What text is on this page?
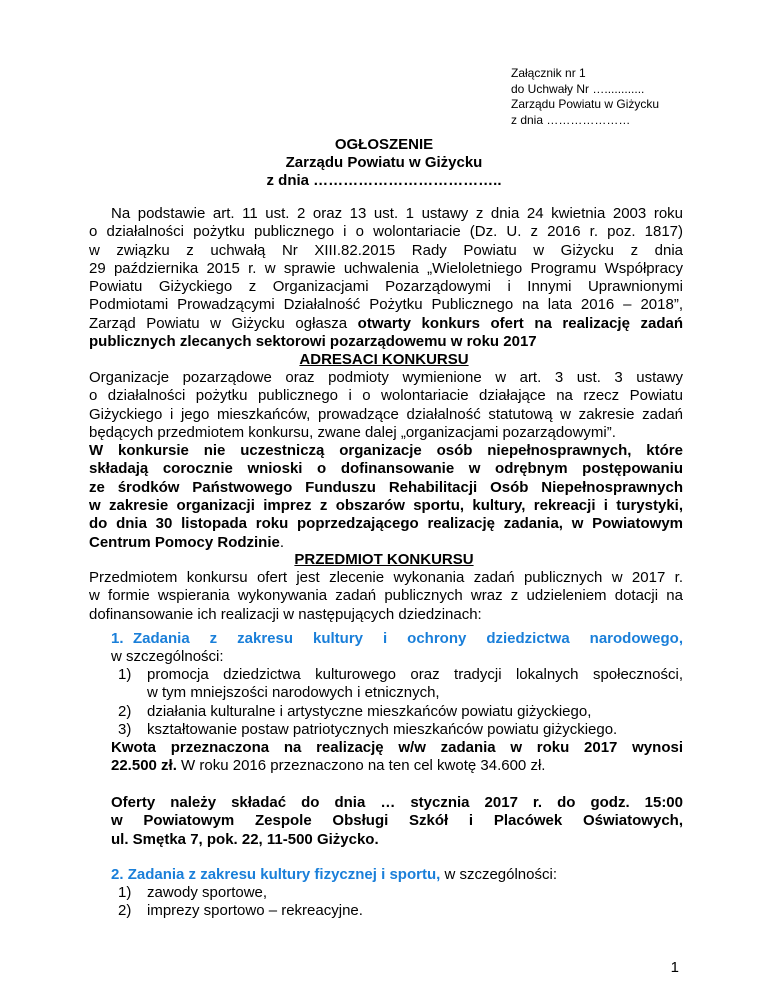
Załącznik nr 1
do Uchwały Nr …............
Zarządu Powiatu w Giżycku
z dnia …………………
OGŁOSZENIE
Zarządu Powiatu w Giżycku
z dnia ………………………………..
Na podstawie art. 11 ust. 2 oraz 13 ust. 1 ustawy z dnia 24 kwietnia 2003 roku
o działalności pożytku publicznego i o wolontariacie (Dz. U. z 2016 r. poz. 1817)
w związku z uchwałą Nr XIII.82.2015 Rady Powiatu w Giżycku z dnia
29 października 2015 r. w sprawie uchwalenia „Wieloletniego Programu Współpracy
Powiatu Giżyckiego z Organizacjami Pozarządowymi i Innymi Uprawnionymi
Podmiotami Prowadzącymi Działalność Pożytku Publicznego na lata 2016 – 2018”,
Zarząd Powiatu w Giżycku ogłasza otwarty konkurs ofert na realizację zadań
publicznych zlecanych sektorowi pozarządowemu w roku 2017
ADRESACI KONKURSU
Organizacje pozarządowe oraz podmioty wymienione w art. 3 ust. 3 ustawy
o działalności pożytku publicznego i o wolontariacie działające na rzecz Powiatu
Giżyckiego i jego mieszkańców, prowadzące działalność statutową w zakresie zadań
będących przedmiotem konkursu, zwane dalej „organizacjami pozarządowymi”.
W konkursie nie uczestniczą organizacje osób niepełnosprawnych, które
składają corocznie wnioski o dofinansowanie w odrębnym postępowaniu
ze środków Państwowego Funduszu Rehabilitacji Osób Niepełnosprawnych
w zakresie organizacji imprez z obszarów sportu, kultury, rekreacji i turystyki,
do dnia 30 listopada roku poprzedzającego realizację zadania, w Powiatowym
Centrum Pomocy Rodzinie.
PRZEDMIOT KONKURSU
Przedmiotem konkursu ofert jest zlecenie wykonania zadań publicznych w 2017 r.
w formie wspierania wykonywania zadań publicznych wraz z udzieleniem dotacji na
dofinansowanie ich realizacji w następujących dziedzinach:
1. Zadania z zakresu kultury i ochrony dziedzictwa narodowego,
w szczególności:
1) promocja dziedzictwa kulturowego oraz tradycji lokalnych społeczności,
w tym mniejszości narodowych i etnicznych,
2) działania kulturalne i artystyczne mieszkańców powiatu giżyckiego,
3) kształtowanie postaw patriotycznych mieszkańców powiatu giżyckiego.
Kwota przeznaczona na realizację w/w zadania w roku 2017 wynosi
22.500 zł. W roku 2016 przeznaczono na ten cel kwotę 34.600 zł.
Oferty należy składać do dnia … stycznia 2017 r. do godz. 15:00
w Powiatowym Zespole Obsługi Szkół i Placówek Oświatowych,
ul. Smętka 7, pok. 22, 11-500 Giżycko.
2. Zadania z zakresu kultury fizycznej i sportu, w szczególności:
1) zawody sportowe,
2) imprezy sportowo – rekreacyjne.
1
